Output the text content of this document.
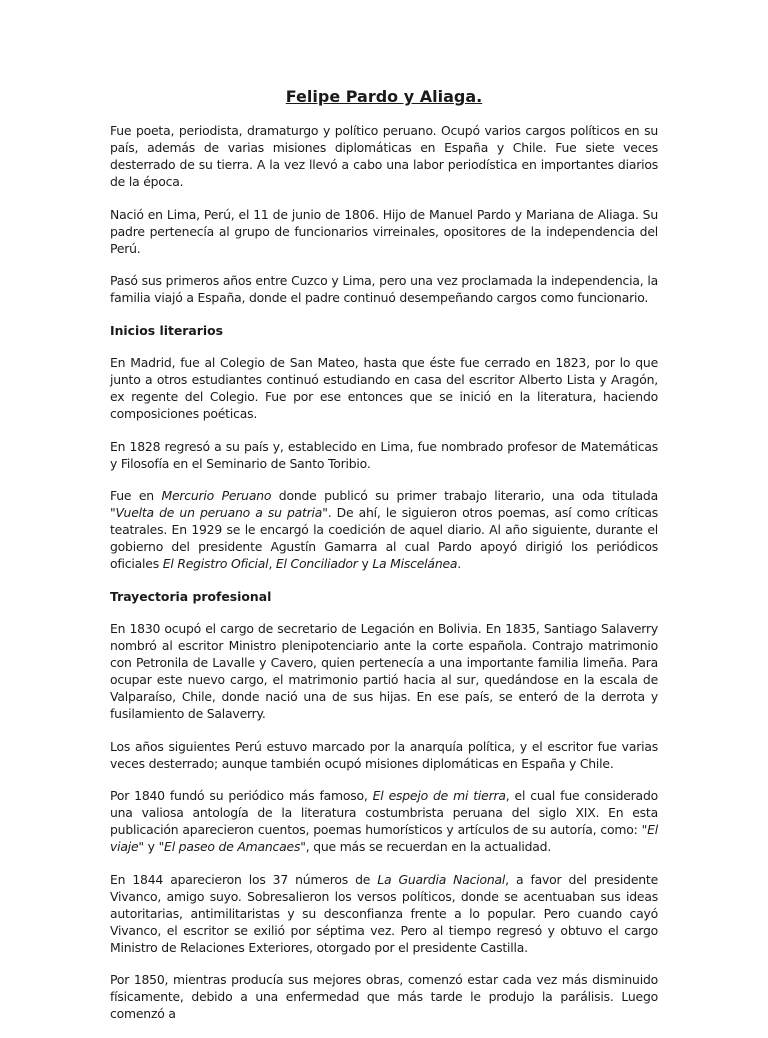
Felipe Pardo y Aliaga.

Fue poeta, periodista, dramaturgo y político peruano. Ocupó varios cargos políticos en su país, además de varias misiones diplomáticas en España y Chile. Fue siete veces desterrado de su tierra. A la vez llevó a cabo una labor periodística en importantes diarios de la época.

Nació en Lima, Perú, el 11 de junio de 1806. Hijo de Manuel Pardo y Mariana de Aliaga. Su padre pertenecía al grupo de funcionarios virreinales, opositores de la independencia del Perú.

Pasó sus primeros años entre Cuzco y Lima, pero una vez proclamada la independencia, la familia viajó a España, donde el padre continuó desempeñando cargos como funcionario.

Inicios literarios

En Madrid, fue al Colegio de San Mateo, hasta que éste fue cerrado en 1823, por lo que junto a otros estudiantes continuó estudiando en casa del escritor Alberto Lista y Aragón, ex regente del Colegio. Fue por ese entonces que se inició en la literatura, haciendo composiciones poéticas.

En 1828 regresó a su país y, establecido en Lima, fue nombrado profesor de Matemáticas y Filosofía en el Seminario de Santo Toribio.

Fue en Mercurio Peruano donde publicó su primer trabajo literario, una oda titulada "Vuelta de un peruano a su patria". De ahí, le siguieron otros poemas, así como críticas teatrales. En 1929 se le encargó la coedición de aquel diario. Al año siguiente, durante el gobierno del presidente Agustín Gamarra al cual Pardo apoyó dirigió los periódicos oficiales El Registro Oficial, El Conciliador y La Miscelánea.

Trayectoria profesional

En 1830 ocupó el cargo de secretario de Legación en Bolivia. En 1835, Santiago Salaverry nombró al escritor Ministro plenipotenciario ante la corte española. Contrajo matrimonio con Petronila de Lavalle y Cavero, quien pertenecía a una importante familia limeña. Para ocupar este nuevo cargo, el matrimonio partió hacia al sur, quedándose en la escala de Valparaíso, Chile, donde nació una de sus hijas. En ese país, se enteró de la derrota y fusilamiento de Salaverry.

Los años siguientes Perú estuvo marcado por la anarquía política, y el escritor fue varias veces desterrado; aunque también ocupó misiones diplomáticas en España y Chile.

Por 1840 fundó su periódico más famoso, El espejo de mi tierra, el cual fue considerado una valiosa antología de la literatura costumbrista peruana del siglo XIX. En esta publicación aparecieron cuentos, poemas humorísticos y artículos de su autoría, como: "El viaje" y "El paseo de Amancaes", que más se recuerdan en la actualidad.

En 1844 aparecieron los 37 números de La Guardia Nacional, a favor del presidente Vivanco, amigo suyo. Sobresalieron los versos políticos, donde se acentuaban sus ideas autoritarias, antimilitaristas y su desconfianza frente a lo popular. Pero cuando cayó Vivanco, el escritor se exilió por séptima vez. Pero al tiempo regresó y obtuvo el cargo Ministro de Relaciones Exteriores, otorgado por el presidente Castilla.

Por 1850, mientras producía sus mejores obras, comenzó estar cada vez más disminuido físicamente, debido a una enfermedad que más tarde le produjo la parálisis. Luego comenzó a
